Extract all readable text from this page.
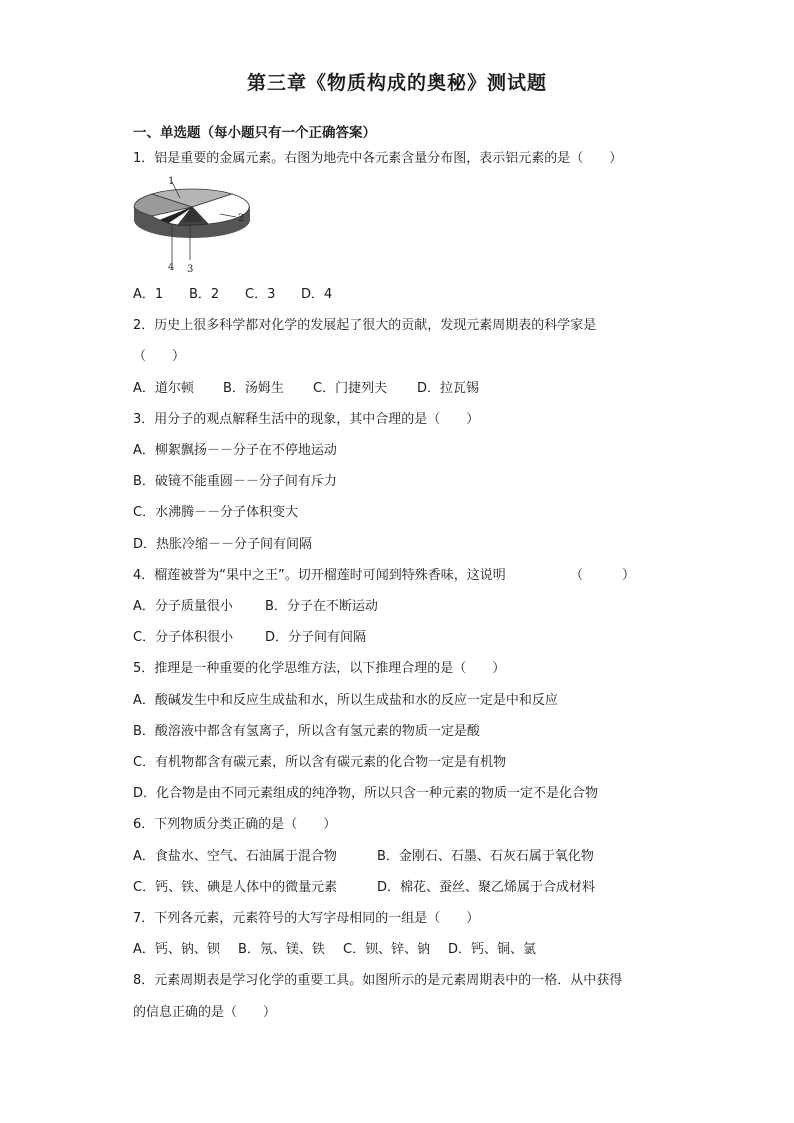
第三章《物质构成的奥秘》测试题
一、单选题（每小题只有一个正确答案）
1．铝是重要的金属元素。右图为地壳中各元素含量分布图，表示铝元素的是（　　）
1
2
3
4
A．1 B．2 C．3 D．4
2．历史上很多科学都对化学的发展起了很大的贡献，发现元素周期表的科学家是
（　　）
A．道尔顿 B．汤姆生 C．门捷列夫 D．拉瓦锡
3．用分子的观点解释生活中的现象，其中合理的是（　　）
A．柳絮飘扬－－分子在不停地运动
B．破镜不能重圆－－分子间有斥力
C．水沸腾－－分子体积变大
D．热胀冷缩－－分子间有间隔
4．榴莲被誉为“果中之王”。切开榴莲时可闻到特殊香味，这说明	（　　　）
A．分子质量很小 B．分子在不断运动
C．分子体积很小 D．分子间有间隔
5．推理是一种重要的化学思维方法，以下推理合理的是（　　）
A．酸碱发生中和反应生成盐和水，所以生成盐和水的反应一定是中和反应
B．酸溶液中都含有氢离子，所以含有氢元素的物质一定是酸
C．有机物都含有碳元素，所以含有碳元素的化合物一定是有机物
D．化合物是由不同元素组成的纯净物，所以只含一种元素的物质一定不是化合物
6．下列物质分类正确的是（　　）
A．食盐水、空气、石油属于混合物	B．金刚石、石墨、石灰石属于氧化物
C．钙、铁、碘是人体中的微量元素	D．棉花、蚕丝、聚乙烯属于合成材料
7．下列各元素，元素符号的大写字母相同的一组是（　　）
A．钙、钠、钡 B．氖、镁、铁 C．钡、锌、钠 D．钙、铜、氯
8．元素周期表是学习化学的重要工具。如图所示的是元素周期表中的一格．从中获得
的信息正确的是（　　）
